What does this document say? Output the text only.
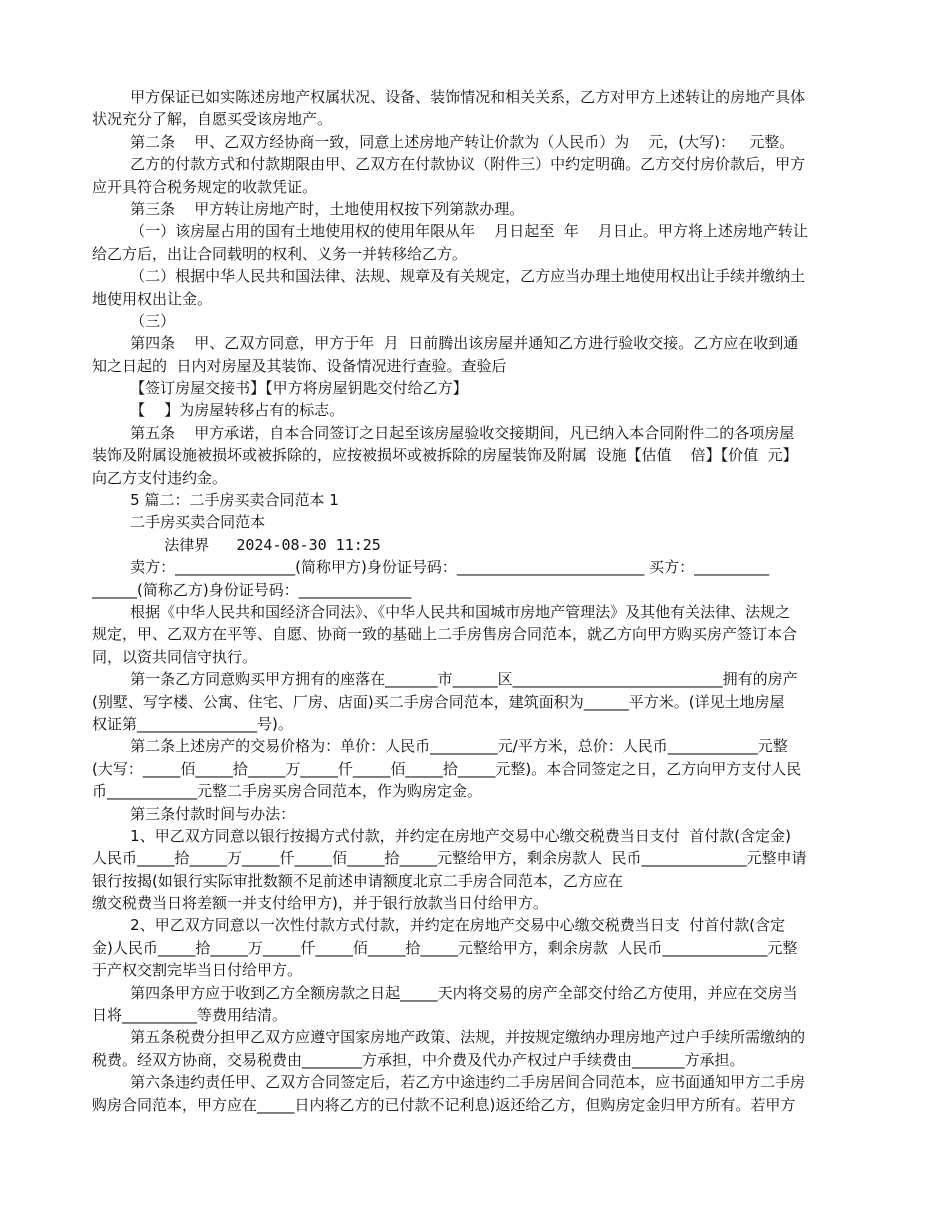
甲方保证已如实陈述房地产权属状况、设备、装饰情况和相关关系，乙方对甲方上述转让的房地产具体
状况充分了解，自愿买受该房地产。
第二条    甲、乙双方经协商一致，同意上述房地产转让价款为（人民币）为    元，(大写)：   元整。
乙方的付款方式和付款期限由甲、乙双方在付款协议（附件三）中约定明确。乙方交付房价款后，甲方
应开具符合税务规定的收款凭证。
第三条    甲方转让房地产时，土地使用权按下列第款办理。
（一）该房屋占用的国有土地使用权的使用年限从年    月日起至  年    月日止。甲方将上述房地产转让
给乙方后，出让合同载明的权利、义务一并转移给乙方。
（二）根据中华人民共和国法律、法规、规章及有关规定，乙方应当办理土地使用权出让手续并缴纳土
地使用权出让金。
（三）
第四条    甲、乙双方同意，甲方于年  月  日前腾出该房屋并通知乙方进行验收交接。乙方应在收到通
知之日起的  日内对房屋及其装饰、设备情况进行查验。查验后
【签订房屋交接书】【甲方将房屋钥匙交付给乙方】
【    】为房屋转移占有的标志。
第五条    甲方承诺，自本合同签订之日起至该房屋验收交接期间，凡已纳入本合同附件二的各项房屋
装饰及附属设施被损坏或被拆除的，应按被损坏或被拆除的房屋装饰及附属  设施【估值    倍】【价值  元】
向乙方支付违约金。
5 篇二：二手房买卖合同范本 1
二手房买卖合同范本
法律界   2024-08-30 11:25
卖方：________________(简称甲方)身份证号码：_________________________ 买方：__________
______(简称乙方)身份证号码：_______________
根据《中华人民共和国经济合同法》、《中华人民共和国城市房地产管理法》及其他有关法律、法规之
规定，甲、乙双方在平等、自愿、协商一致的基础上二手房售房合同范本，就乙方向甲方购买房产签订本合
同，以资共同信守执行。
第一条乙方同意购买甲方拥有的座落在_______市______区____________________________拥有的房产
(别墅、写字楼、公寓、住宅、厂房、店面)买二手房合同范本，建筑面积为______平方米。(详见土地房屋
权证第________________号)。
第二条上述房产的交易价格为：单价：人民币_________元/平方米，总价：人民币____________元整
(大写：_____佰_____拾_____万_____仟_____佰_____拾_____元整)。本合同签定之日，乙方向甲方支付人民
币____________元整二手房买房合同范本，作为购房定金。
第三条付款时间与办法：
1、甲乙双方同意以银行按揭方式付款，并约定在房地产交易中心缴交税费当日支付  首付款(含定金)
人民币_____拾_____万_____仟_____佰_____拾_____元整给甲方，剩余房款人  民币______________元整申请
银行按揭(如银行实际审批数额不足前述申请额度北京二手房合同范本，乙方应在
缴交税费当日将差额一并支付给甲方)，并于银行放款当日付给甲方。
2、甲乙双方同意以一次性付款方式付款，并约定在房地产交易中心缴交税费当日支  付首付款(含定
金)人民币_____拾_____万_____仟_____佰_____拾_____元整给甲方，剩余房款  人民币______________元整
于产权交割完毕当日付给甲方。
第四条甲方应于收到乙方全额房款之日起_____天内将交易的房产全部交付给乙方使用，并应在交房当
日将__________等费用结清。
第五条税费分担甲乙双方应遵守国家房地产政策、法规，并按规定缴纳办理房地产过户手续所需缴纳的
税费。经双方协商，交易税费由________方承担，中介费及代办产权过户手续费由_______方承担。
第六条违约责任甲、乙双方合同签定后，若乙方中途违约二手房居间合同范本，应书面通知甲方二手房
购房合同范本，甲方应在_____日内将乙方的已付款不记利息)返还给乙方，但购房定金归甲方所有。若甲方
